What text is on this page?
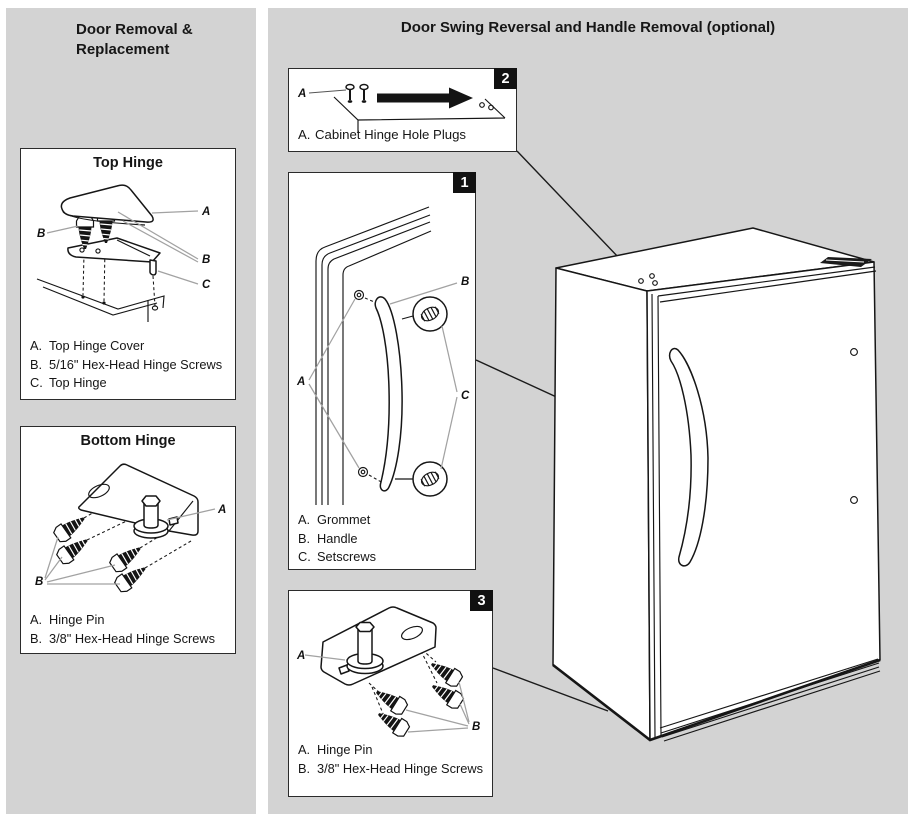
Door Removal &
Replacement
Top Hinge
A
B
B
C
A. Top Hinge Cover
B. 5/16" Hex-Head Hinge Screws
C. Top Hinge
Bottom Hinge
A
B
A. Hinge Pin
B. 3/8" Hex-Head Hinge Screws
Door Swing Reversal and Handle Removal (optional)
A
A. Cabinet Hinge Hole Plugs
2
A
B
C
A. Grommet
B. Handle
C. Setscrews
1
A
B
A. Hinge Pin
B. 3/8" Hex-Head Hinge Screws
3
